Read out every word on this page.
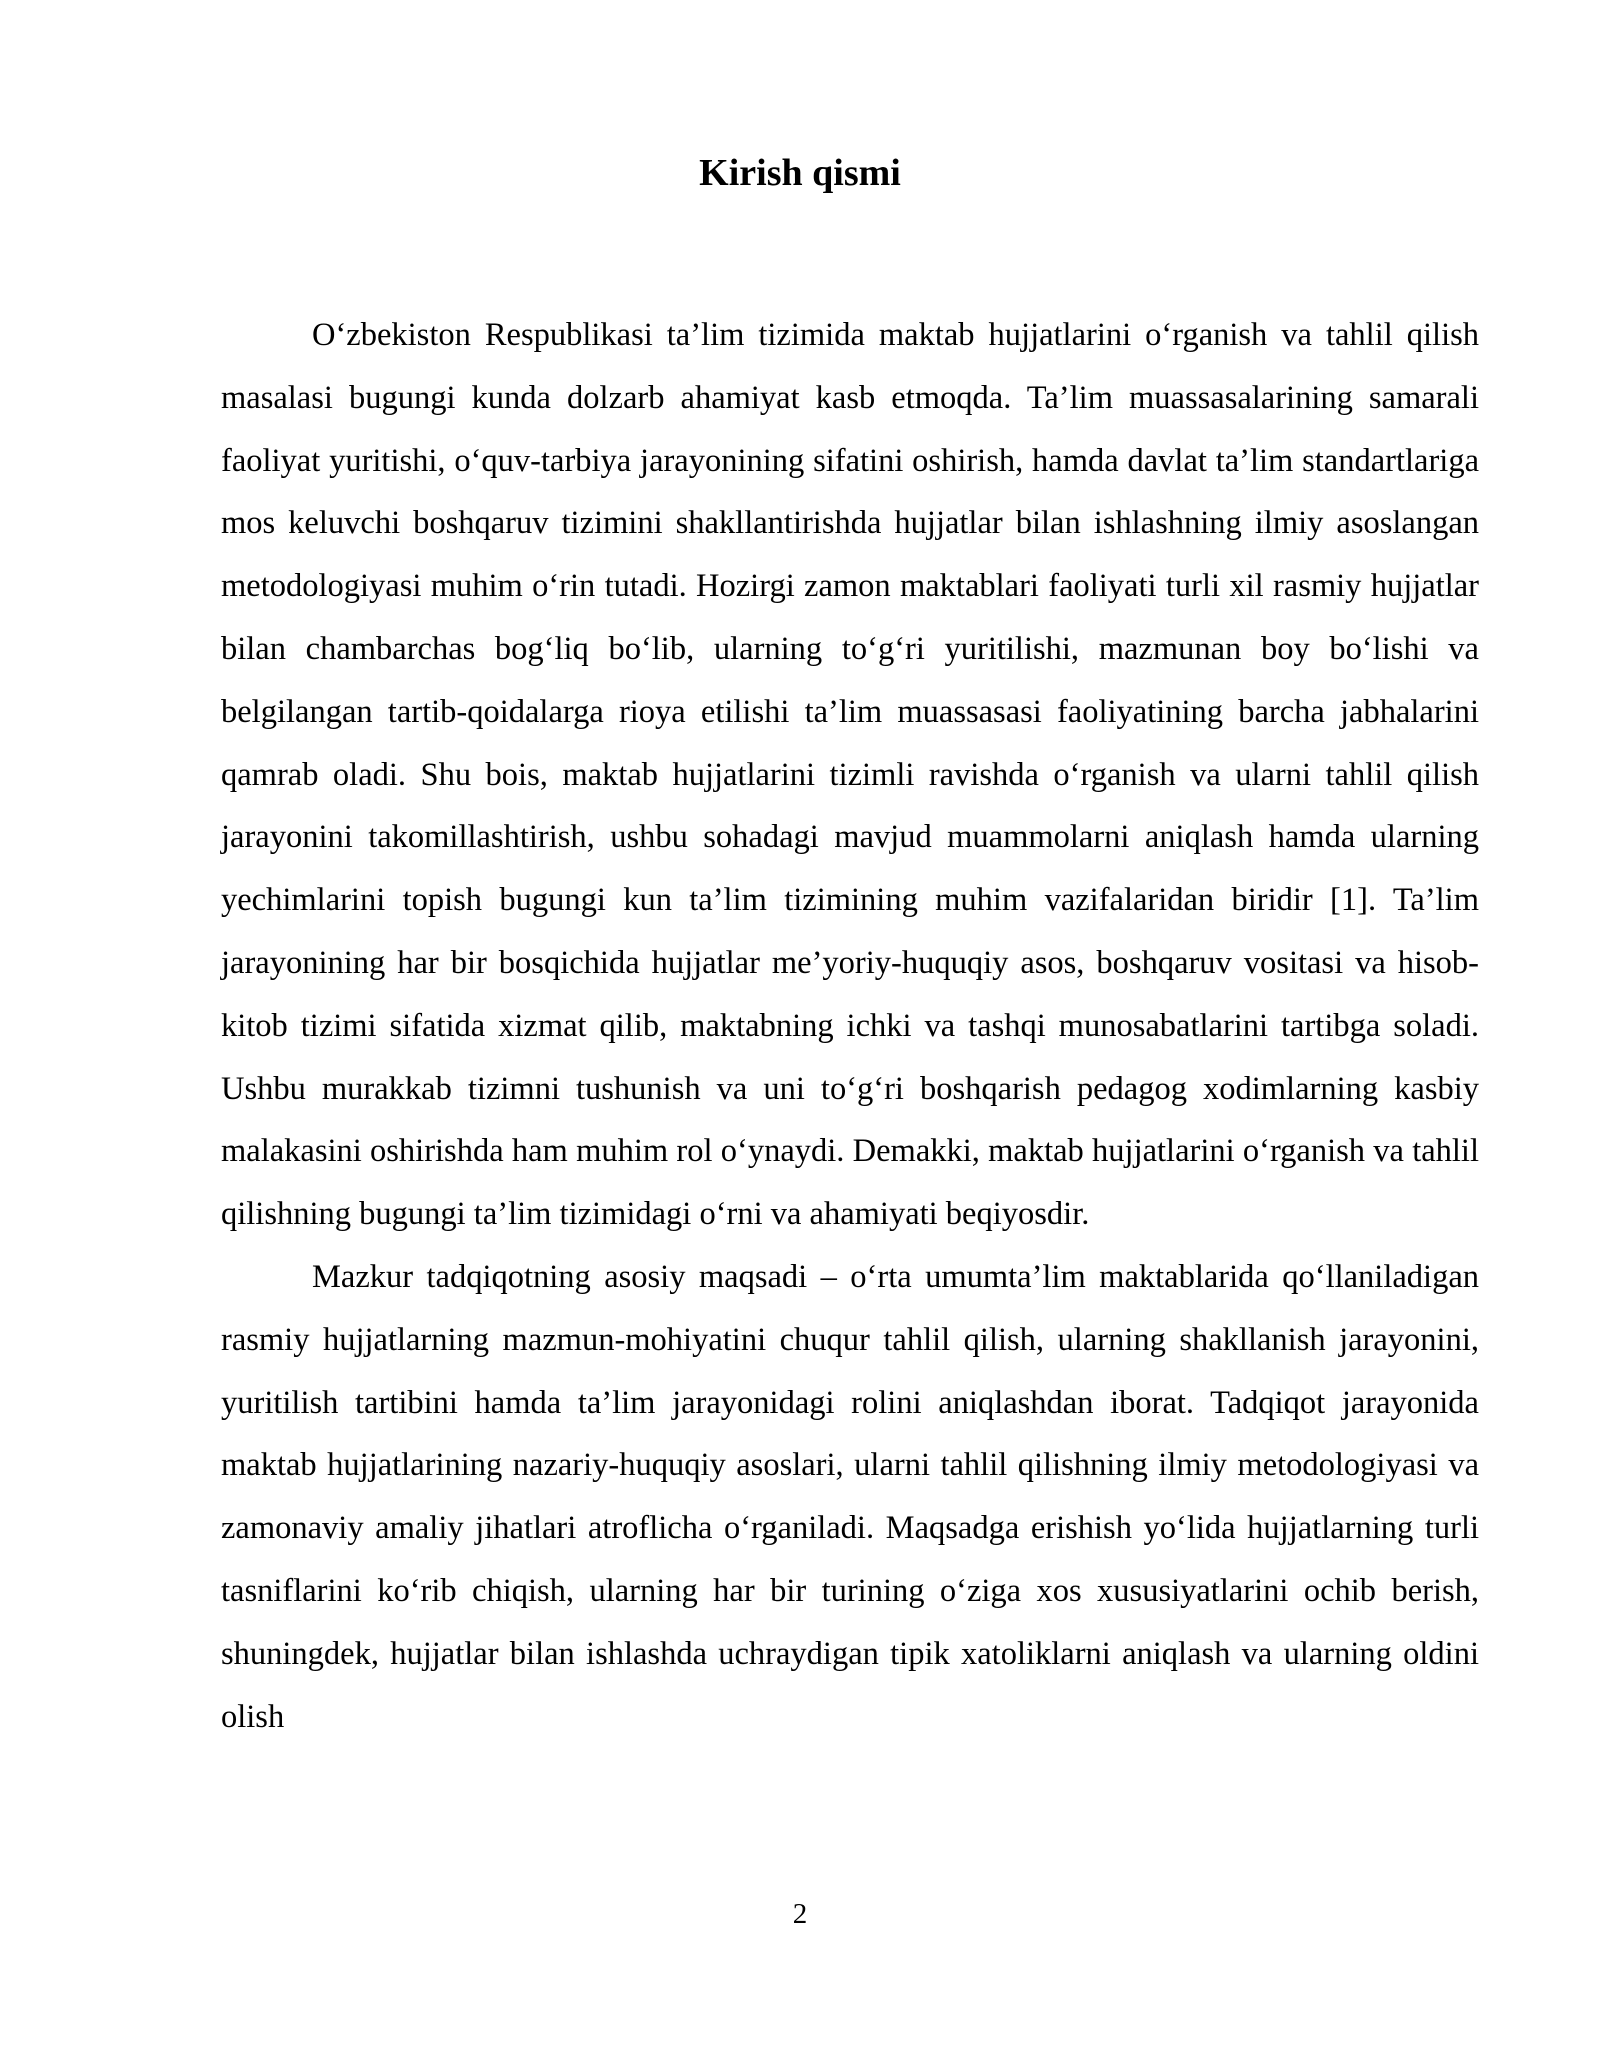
Kirish qismi

O‘zbekiston Respublikasi ta’lim tizimida maktab hujjatlarini o‘rganish va tahlil qilish masalasi bugungi kunda dolzarb ahamiyat kasb etmoqda. Ta’lim muassasalarining samarali faoliyat yuritishi, o‘quv-tarbiya jarayonining sifatini oshirish, hamda davlat ta’lim standartlariga mos keluvchi boshqaruv tizimini shakllantirishda hujjatlar bilan ishlashning ilmiy asoslangan metodologiyasi muhim o‘rin tutadi. Hozirgi zamon maktablari faoliyati turli xil rasmiy hujjatlar bilan chambarchas bog‘liq bo‘lib, ularning to‘g‘ri yuritilishi, mazmunan boy bo‘lishi va belgilangan tartib-qoidalarga rioya etilishi ta’lim muassasasi faoliyatining barcha jabhalarini qamrab oladi. Shu bois, maktab hujjatlarini tizimli ravishda o‘rganish va ularni tahlil qilish jarayonini takomillashtirish, ushbu sohadagi mavjud muammolarni aniqlash hamda ularning yechimlarini topish bugungi kun ta’lim tizimining muhim vazifalaridan biridir [1]. Ta’lim jarayonining har bir bosqichida hujjatlar me’yoriy-huquqiy asos, boshqaruv vositasi va hisob-kitob tizimi sifatida xizmat qilib, maktabning ichki va tashqi munosabatlarini tartibga soladi. Ushbu murakkab tizimni tushunish va uni to‘g‘ri boshqarish pedagog xodimlarning kasbiy malakasini oshirishda ham muhim rol o‘ynaydi. Demakki, maktab hujjatlarini o‘rganish va tahlil qilishning bugungi ta’lim tizimidagi o‘rni va ahamiyati beqiyosdir.

Mazkur tadqiqotning asosiy maqsadi – o‘rta umumta’lim maktablarida qo‘llaniladigan rasmiy hujjatlarning mazmun-mohiyatini chuqur tahlil qilish, ularning shakllanish jarayonini, yuritilish tartibini hamda ta’lim jarayonidagi rolini aniqlashdan iborat. Tadqiqot jarayonida maktab hujjatlarining nazariy-huquqiy asoslari, ularni tahlil qilishning ilmiy metodologiyasi va zamonaviy amaliy jihatlari atroflicha o‘rganiladi. Maqsadga erishish yo‘lida hujjatlarning turli tasniflarini ko‘rib chiqish, ularning har bir turining o‘ziga xos xususiyatlarini ochib berish, shuningdek, hujjatlar bilan ishlashda uchraydigan tipik xatoliklarni aniqlash va ularning oldini olish

2
